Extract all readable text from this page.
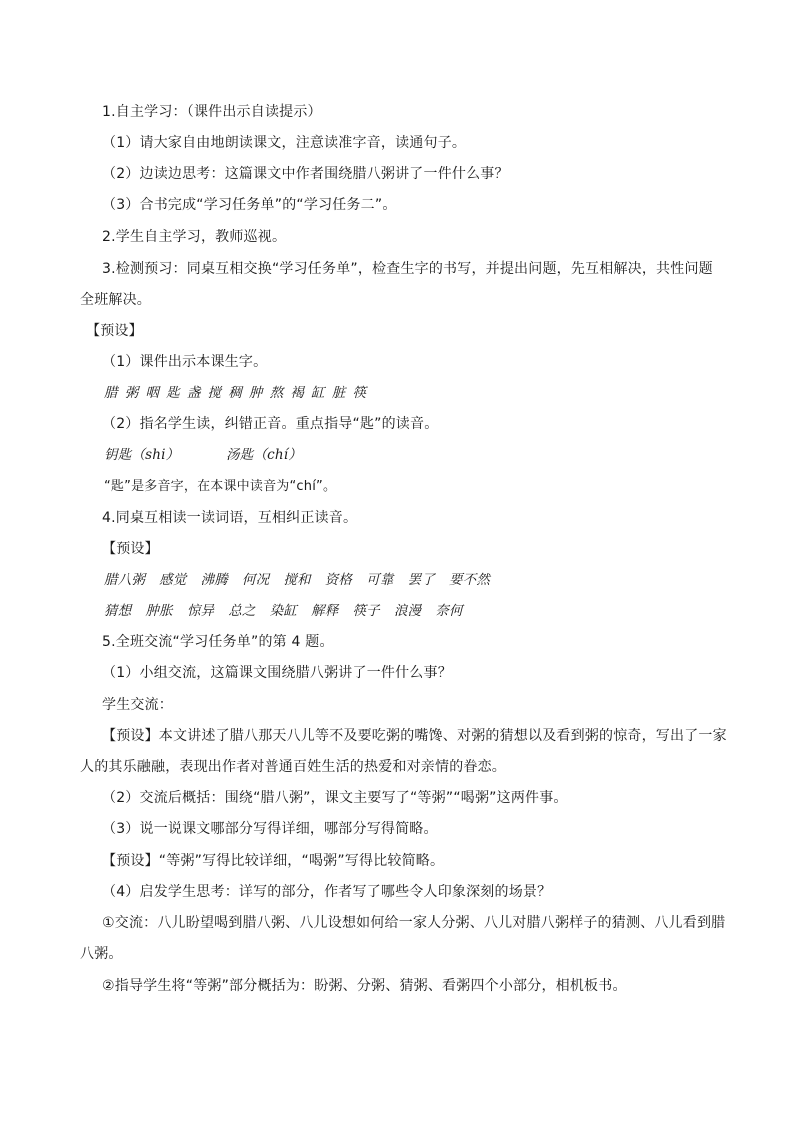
1.自主学习：（课件出示自读提示）
（1）请大家自由地朗读课文，注意读准字音，读通句子。
（2）边读边思考：这篇课文中作者围绕腊八粥讲了一件什么事？
（3）合书完成“学习任务单”的“学习任务二”。
2.学生自主学习，教师巡视。
3.检测预习：同桌互相交换“学习任务单”，检查生字的书写，并提出问题，先互相解决，共性问题
全班解决。
【预设】
（1）课件出示本课生字。
腊 粥 咽 匙 盏 搅 稠 肿 熬 褐 缸 脏 筷
（2）指名学生读，纠错正音。重点指导“匙”的读音。
钥匙（shi）	汤匙（chí）
“匙”是多音字，在本课中读音为“chí”。
4.同桌互相读一读词语，互相纠正读音。
【预设】
腊八粥 感觉 沸腾 何况 搅和 资格 可靠 罢了 要不然
猜想 肿胀 惊异 总之 染缸 解释 筷子 浪漫 奈何
5.全班交流“学习任务单”的第 4 题。
（1）小组交流，这篇课文围绕腊八粥讲了一件什么事？
学生交流：
【预设】本文讲述了腊八那天八儿等不及要吃粥的嘴馋、对粥的猜想以及看到粥的惊奇，写出了一家
人的其乐融融，表现出作者对普通百姓生活的热爱和对亲情的眷恋。
（2）交流后概括：围绕“腊八粥”，课文主要写了“等粥”“喝粥”这两件事。
（3）说一说课文哪部分写得详细，哪部分写得简略。
【预设】“等粥”写得比较详细，“喝粥”写得比较简略。
（4）启发学生思考：详写的部分，作者写了哪些令人印象深刻的场景？
①交流：八儿盼望喝到腊八粥、八儿设想如何给一家人分粥、八儿对腊八粥样子的猜测、八儿看到腊
八粥。
②指导学生将“等粥”部分概括为：盼粥、分粥、猜粥、看粥四个小部分，相机板书。
